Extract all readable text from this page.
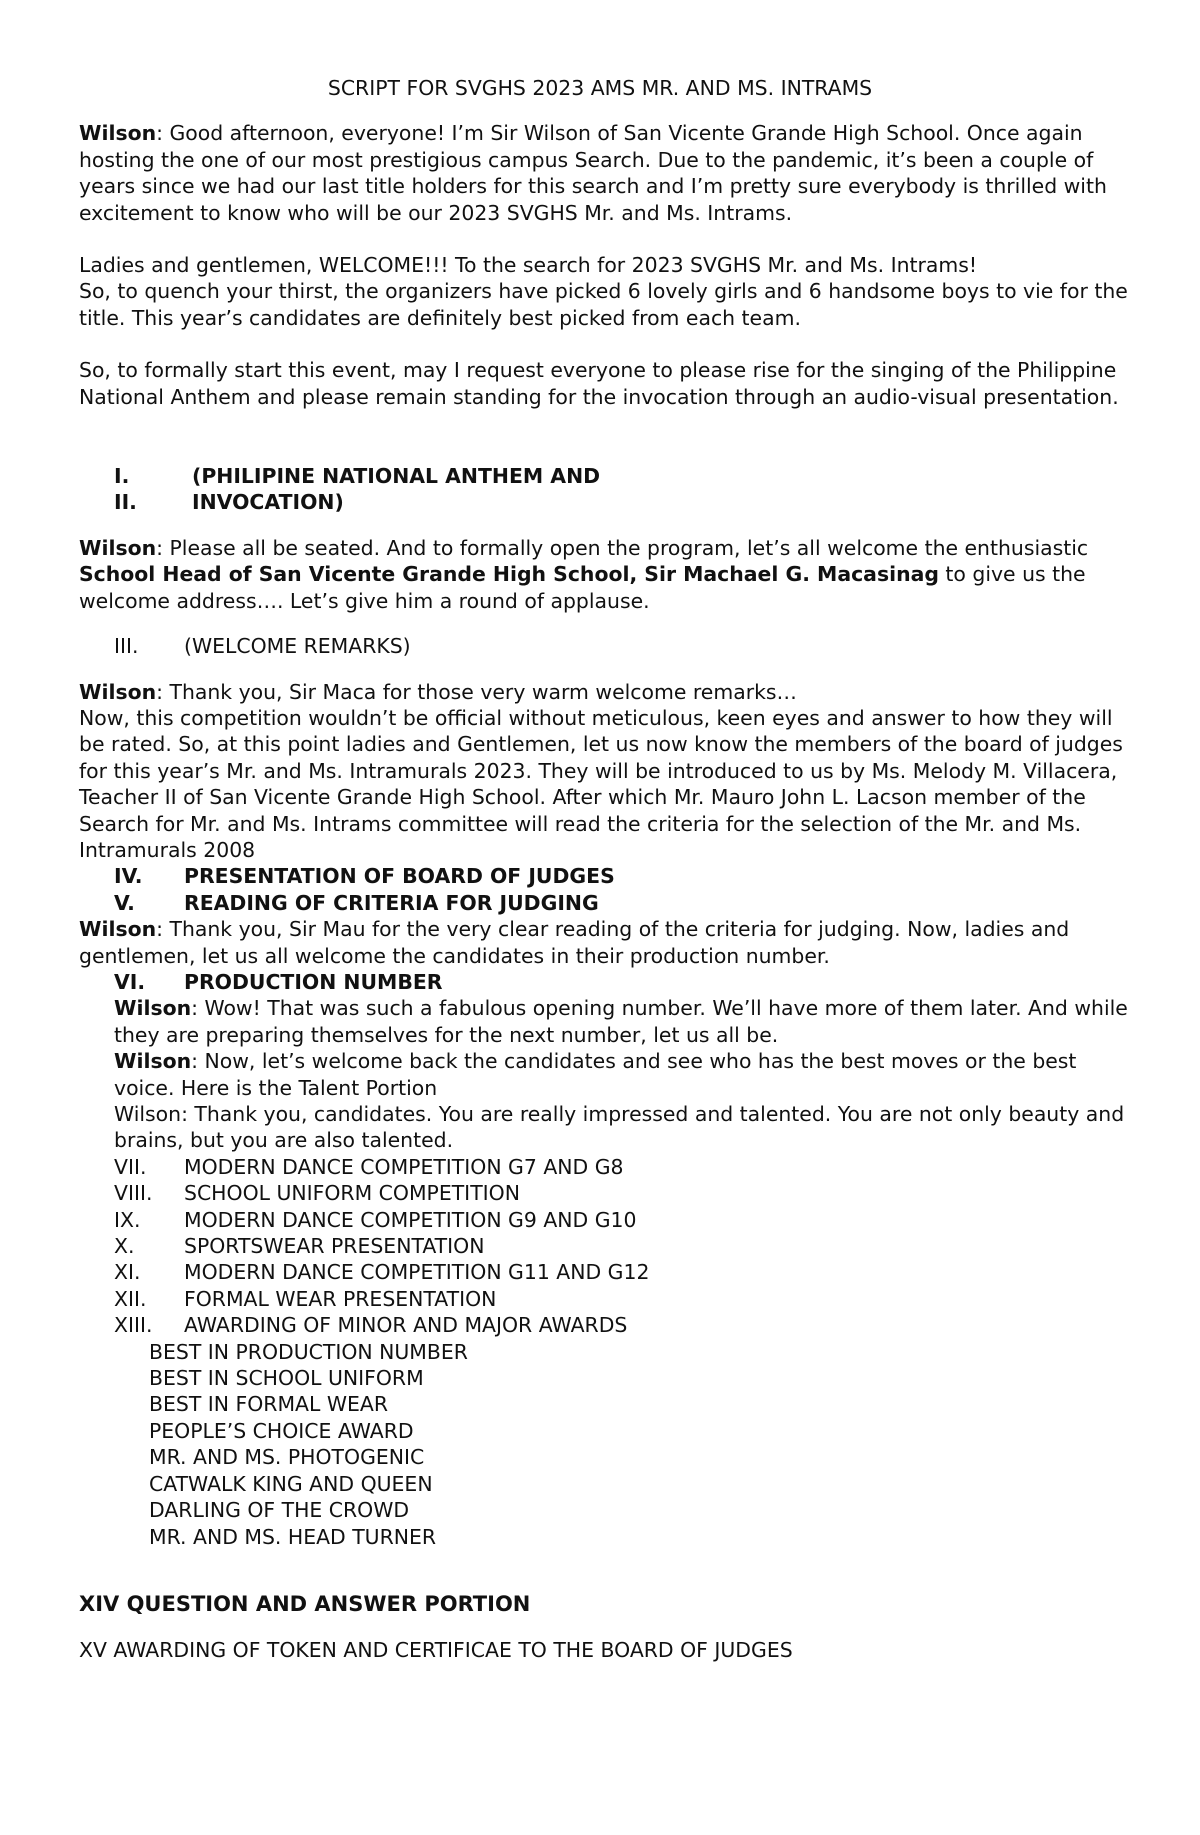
SCRIPT FOR SVGHS 2023 AMS MR. AND MS. INTRAMS

Wilson: Good afternoon, everyone! I’m Sir Wilson of San Vicente Grande High School. Once again hosting the one of our most prestigious campus Search. Due to the pandemic, it’s been a couple of years since we had our last title holders for this search and I’m pretty sure everybody is thrilled with excitement to know who will be our 2023 SVGHS Mr. and Ms. Intrams.

Ladies and gentlemen, WELCOME!!! To the search for 2023 SVGHS Mr. and Ms. Intrams!

So, to quench your thirst, the organizers have picked 6 lovely girls and 6 handsome boys to vie for the title. This year’s candidates are definitely best picked from each team.

So, to formally start this event, may I request everyone to please rise for the singing of the Philippine National Anthem and please remain standing for the invocation through an audio-visual presentation.

I.	(PHILIPINE NATIONAL ANTHEM AND
II.	INVOCATION)

Wilson: Please all be seated. And to formally open the program, let’s all welcome the enthusiastic School Head of San Vicente Grande High School, Sir Machael G. Macasinag to give us the welcome address…. Let’s give him a round of applause.

III.	(WELCOME REMARKS)

Wilson: Thank you, Sir Maca for those very warm welcome remarks…

Now, this competition wouldn’t be official without meticulous, keen eyes and answer to how they will be rated. So, at this point ladies and Gentlemen, let us now know the members of the board of judges for this year’s Mr. and Ms. Intramurals 2023. They will be introduced to us by Ms. Melody M. Villacera, Teacher II of San Vicente Grande High School. After which Mr. Mauro John L. Lacson member of the Search for Mr. and Ms. Intrams committee will read the criteria for the selection of the Mr. and Ms. Intramurals 2008

IV.	PRESENTATION OF BOARD OF JUDGES
V.	READING OF CRITERIA FOR JUDGING

Wilson: Thank you, Sir Mau for the very clear reading of the criteria for judging. Now, ladies and gentlemen, let us all welcome the candidates in their production number.

VI.	PRODUCTION NUMBER

Wilson: Wow! That was such a fabulous opening number. We’ll have more of them later. And while they are preparing themselves for the next number, let us all be.

Wilson: Now, let’s welcome back the candidates and see who has the best moves or the best voice. Here is the Talent Portion

Wilson: Thank you, candidates. You are really impressed and talented. You are not only beauty and brains, but you are also talented.

VII.	MODERN DANCE COMPETITION G7 AND G8
VIII.	SCHOOL UNIFORM COMPETITION
IX.	MODERN DANCE COMPETITION G9 AND G10
X.	SPORTSWEAR PRESENTATION
XI.	MODERN DANCE COMPETITION G11 AND G12
XII.	FORMAL WEAR PRESENTATION
XIII.	AWARDING OF MINOR AND MAJOR AWARDS

BEST IN PRODUCTION NUMBER

BEST IN SCHOOL UNIFORM

BEST IN FORMAL WEAR

PEOPLE’S CHOICE AWARD

MR. AND MS. PHOTOGENIC

CATWALK KING AND QUEEN

DARLING OF THE CROWD

MR. AND MS. HEAD TURNER

XIV QUESTION AND ANSWER PORTION

XV AWARDING OF TOKEN AND CERTIFICAE TO THE BOARD OF JUDGES
